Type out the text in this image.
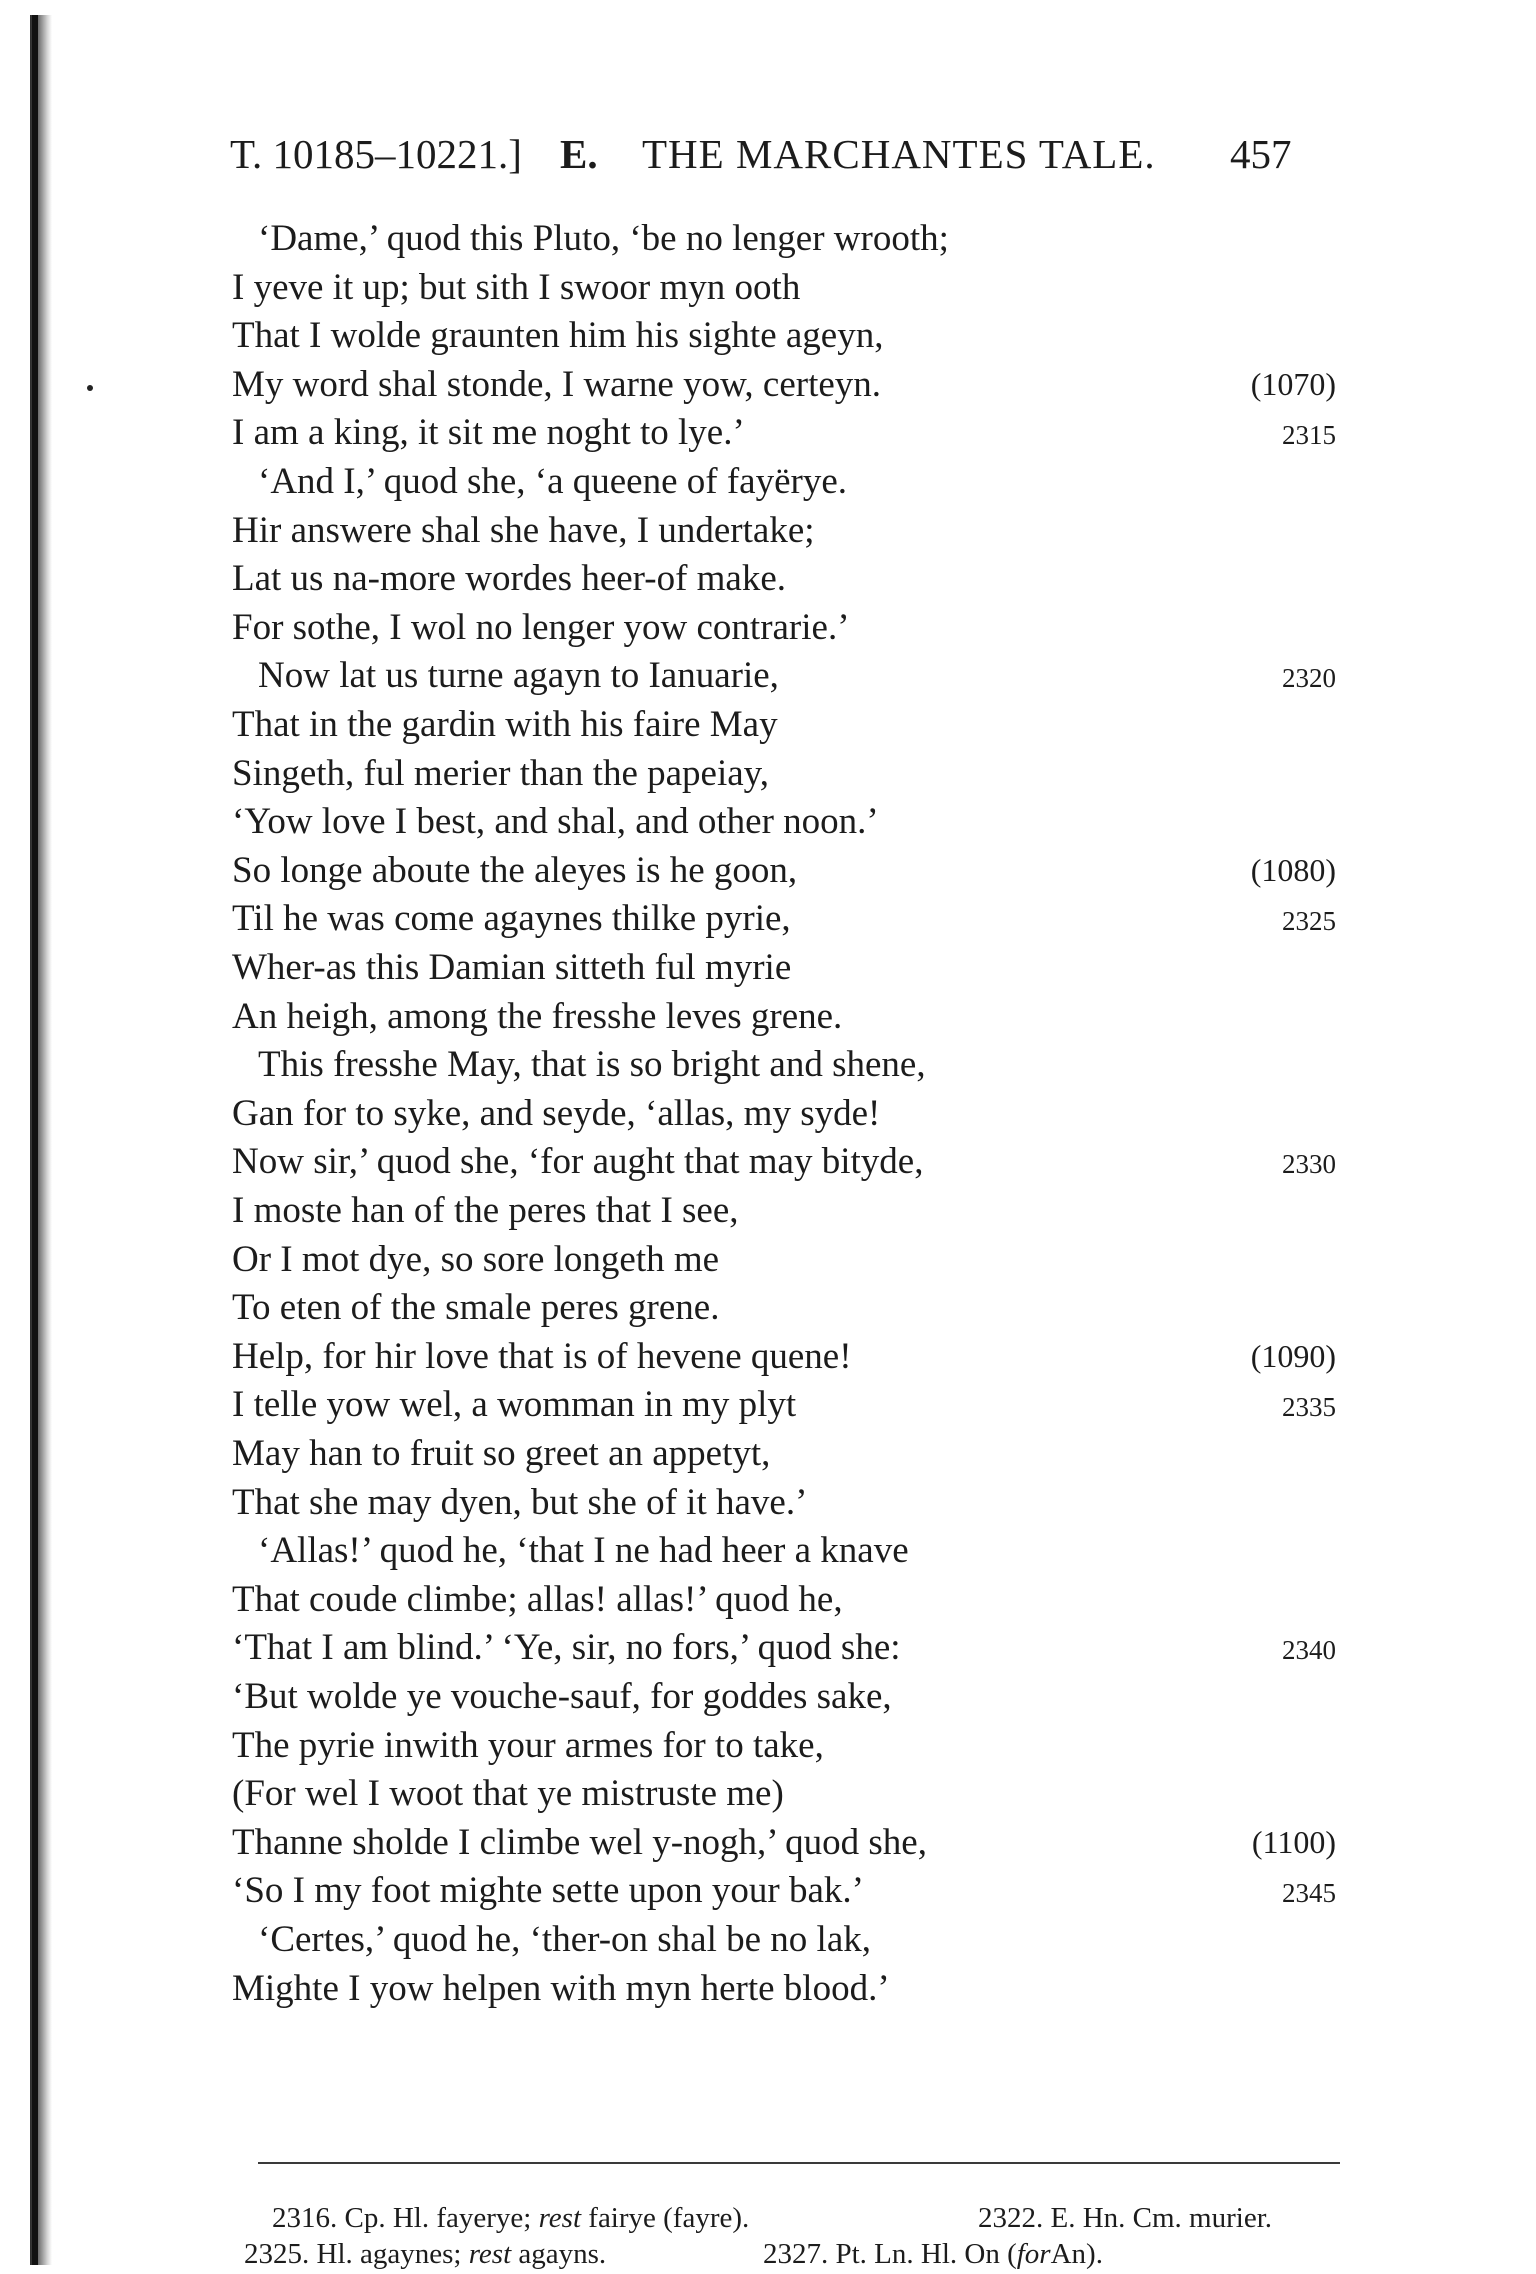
T. 10185–10221.] E. THE MARCHANTES TALE. 457
‘Dame,’ quod this Pluto, ‘be no lenger wrooth;
I yeve it up; but sith I swoor myn ooth
That I wolde graunten him his sighte ageyn,
My word shal stonde, I warne yow, certeyn.	(1070)
I am a king, it sit me noght to lye.’	2315
‘And I,’ quod she, ‘a queene of fayërye.
Hir answere shal she have, I undertake;
Lat us na-more wordes heer-of make.
For sothe, I wol no lenger yow contrarie.’
Now lat us turne agayn to Ianuarie,	2320
That in the gardin with his faire May
Singeth, ful merier than the papeiay,
‘Yow love I best, and shal, and other noon.’
So longe aboute the aleyes is he goon,	(1080)
Til he was come agaynes thilke pyrie,	2325
Wher-as this Damian sitteth ful myrie
An heigh, among the fresshe leves grene.
This fresshe May, that is so bright and shene,
Gan for to syke, and seyde, ‘allas, my syde!
Now sir,’ quod she, ‘for aught that may bityde,	2330
I moste han of the peres that I see,
Or I mot dye, so sore longeth me
To eten of the smale peres grene.
Help, for hir love that is of hevene quene!	(1090)
I telle yow wel, a womman in my plyt	2335
May han to fruit so greet an appetyt,
That she may dyen, but she of it have.’
‘Allas!’ quod he, ‘that I ne had heer a knave
That coude climbe; allas! allas!’ quod he,
‘That I am blind.’ ‘Ye, sir, no fors,’ quod she:	2340
‘But wolde ye vouche-sauf, for goddes sake,
The pyrie inwith your armes for to take,
(For wel I woot that ye mistruste me)
Thanne sholde I climbe wel y-nogh,’ quod she,	(1100)
‘So I my foot mighte sette upon your bak.’	2345
‘Certes,’ quod he, ‘ther-on shal be no lak,
Mighte I yow helpen with myn herte blood.’
2316. Cp. Hl. fayerye; rest fairye (fayre).	2322. E. Hn. Cm. murier.
2325. Hl. agaynes; rest agayns.	2327. Pt. Ln. Hl. On (forAn).
